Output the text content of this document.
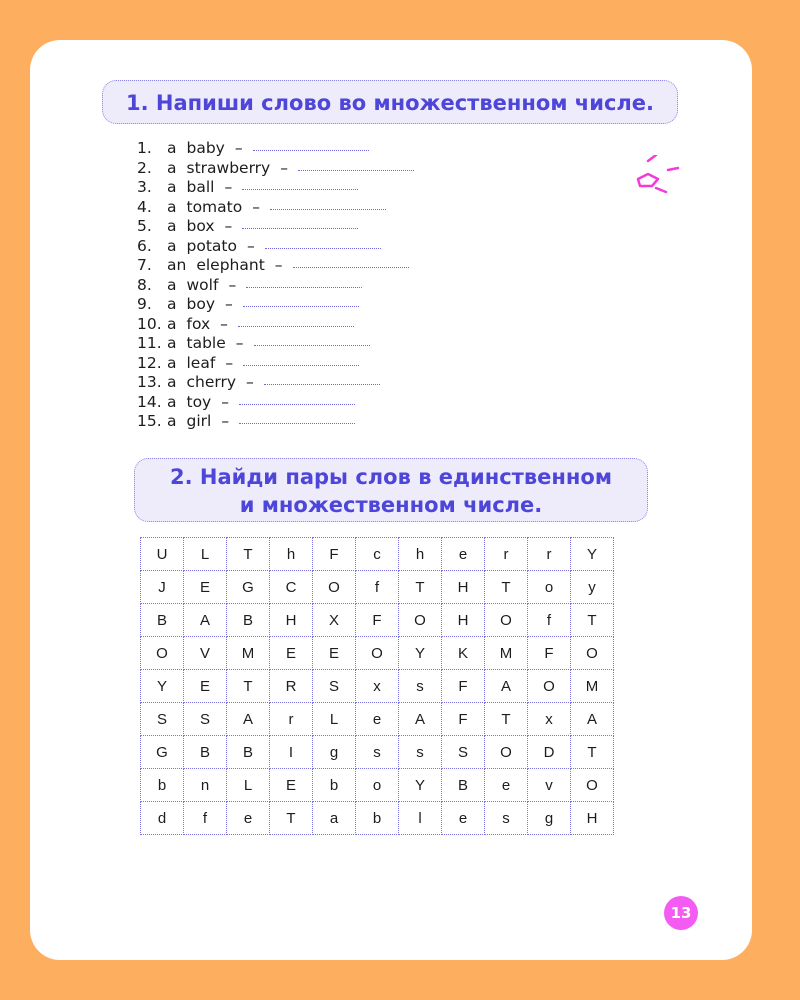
1. Напиши слово во множественном числе.
1. a baby –
2. a strawberry –
3. a ball –
4. a tomato –
5. a box –
6. a potato –
7. an elephant –
8. a wolf –
9. a boy –
10. a fox –
11. a table –
12. a leaf –
13. a cherry –
14. a toy –
15. a girl –
2. Найди пары слов в единственном
и множественном числе.
U	L	T	h	F	c	h	e	r	r	Y
J	E	G	C	O	f	T	H	T	o	y
B	A	B	H	X	F	O	H	O	f	T
O	V	M	E	E	O	Y	K	M	F	O
Y	E	T	R	S	x	s	F	A	O	M
S	S	A	r	L	e	A	F	T	x	A
G	B	B	I	g	s	s	S	O	D	T
b	n	L	E	b	o	Y	B	e	v	O
d	f	e	T	a	b	l	e	s	g	H
13
